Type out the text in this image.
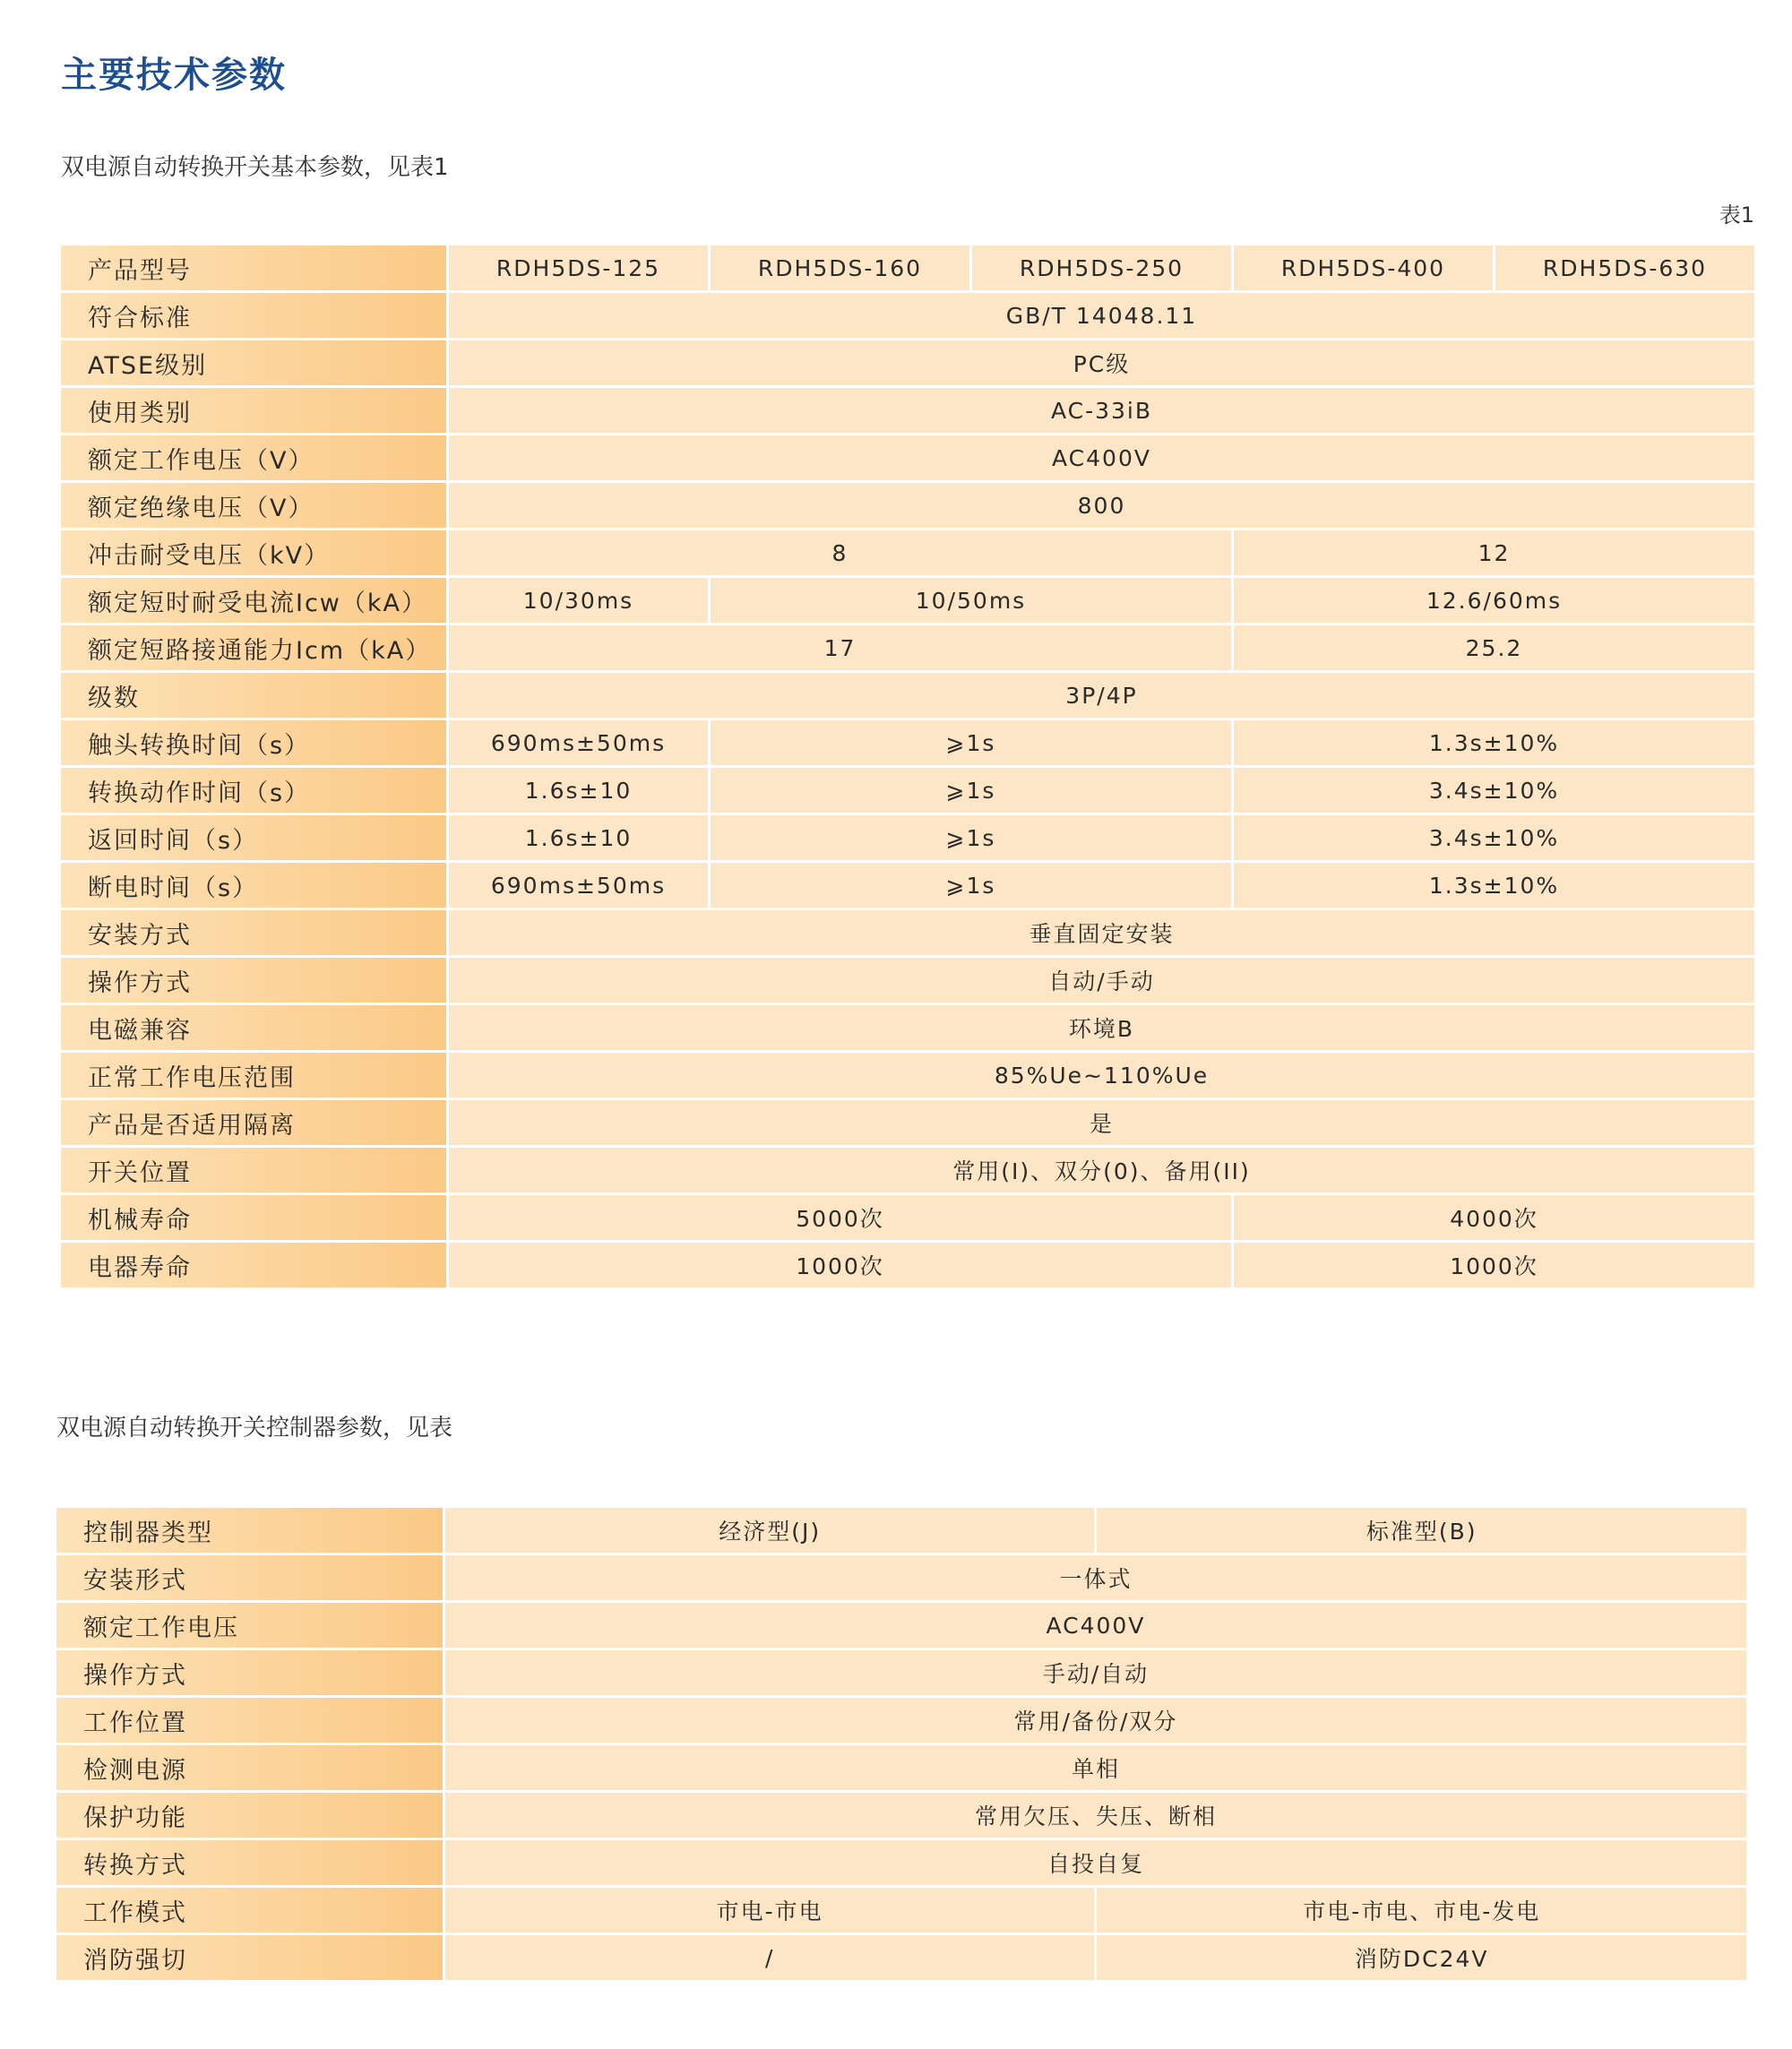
主要技术参数
双电源自动转换开关基本参数，见表1
表1
产品型号	RDH5DS-125	RDH5DS-160	RDH5DS-250	RDH5DS-400	RDH5DS-630
符合标准	GB/T 14048.11				
ATSE级别	PC级				
使用类别	AC-33iB				
额定工作电压（V）	AC400V				
额定绝缘电压（V）	800				
冲击耐受电压（kV）	8			12	
额定短时耐受电流Icw（kA）	10/30ms	10/50ms		12.6/60ms	
额定短路接通能力Icm（kA）	17			25.2	
级数	3P/4P				
触头转换时间（s）	690ms±50ms	⩾1s		1.3s±10%	
转换动作时间（s）	1.6s±10	⩾1s		3.4s±10%	
返回时间（s）	1.6s±10	⩾1s		3.4s±10%	
断电时间（s）	690ms±50ms	⩾1s		1.3s±10%	
安装方式	垂直固定安装				
操作方式	自动/手动				
电磁兼容	环境B				
正常工作电压范围	85%Ue~110%Ue				
产品是否适用隔离	是				
开关位置	常用(I)、双分(0)、备用(II)				
机械寿命	5000次			4000次	
电器寿命	1000次			1000次	
双电源自动转换开关控制器参数，见表
控制器类型	经济型(J)	标准型(B)
安装形式	一体式	
额定工作电压	AC400V	
操作方式	手动/自动	
工作位置	常用/备份/双分	
检测电源	单相	
保护功能	常用欠压、失压、断相	
转换方式	自投自复	
工作模式	市电-市电	市电-市电、市电-发电
消防强切	/	消防DC24V
